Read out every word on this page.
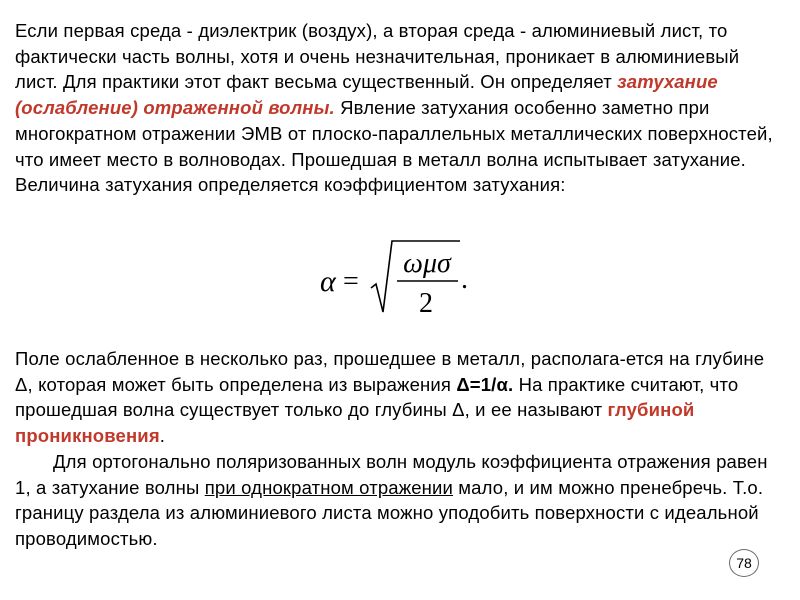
Если первая среда - диэлектрик (воздух), а вторая среда - алюминиевый лист, то фактически часть волны, хотя и очень незначительная, проникает в алюминиевый лист. Для практики этот факт весьма существенный. Он определяет затухание (ослабление) отраженной волны. Явление затухания особенно заметно при многократном отражении ЭМВ от плоско-параллельных металлических поверхностей, что имеет место в волноводах. Прошедшая в металл волна испытывает затухание. Величина затухания определяется коэффициентом затухания:

α =
ωμσ
2
.

Поле ослабленное в несколько раз, прошедшее в металл, располага-ется на глубине Δ, которая может быть определена из выражения Δ=1/α. На практике считают, что прошедшая волна существует только до глубины Δ, и ее называют глубиной проникновения.
Для ортогонально поляризованных волн модуль коэффициента отражения равен 1, а затухание волны при однократном отражении мало, и им можно пренебречь. Т.о. границу раздела из алюминиевого листа можно уподобить поверхности с идеальной проводимостью.

78
